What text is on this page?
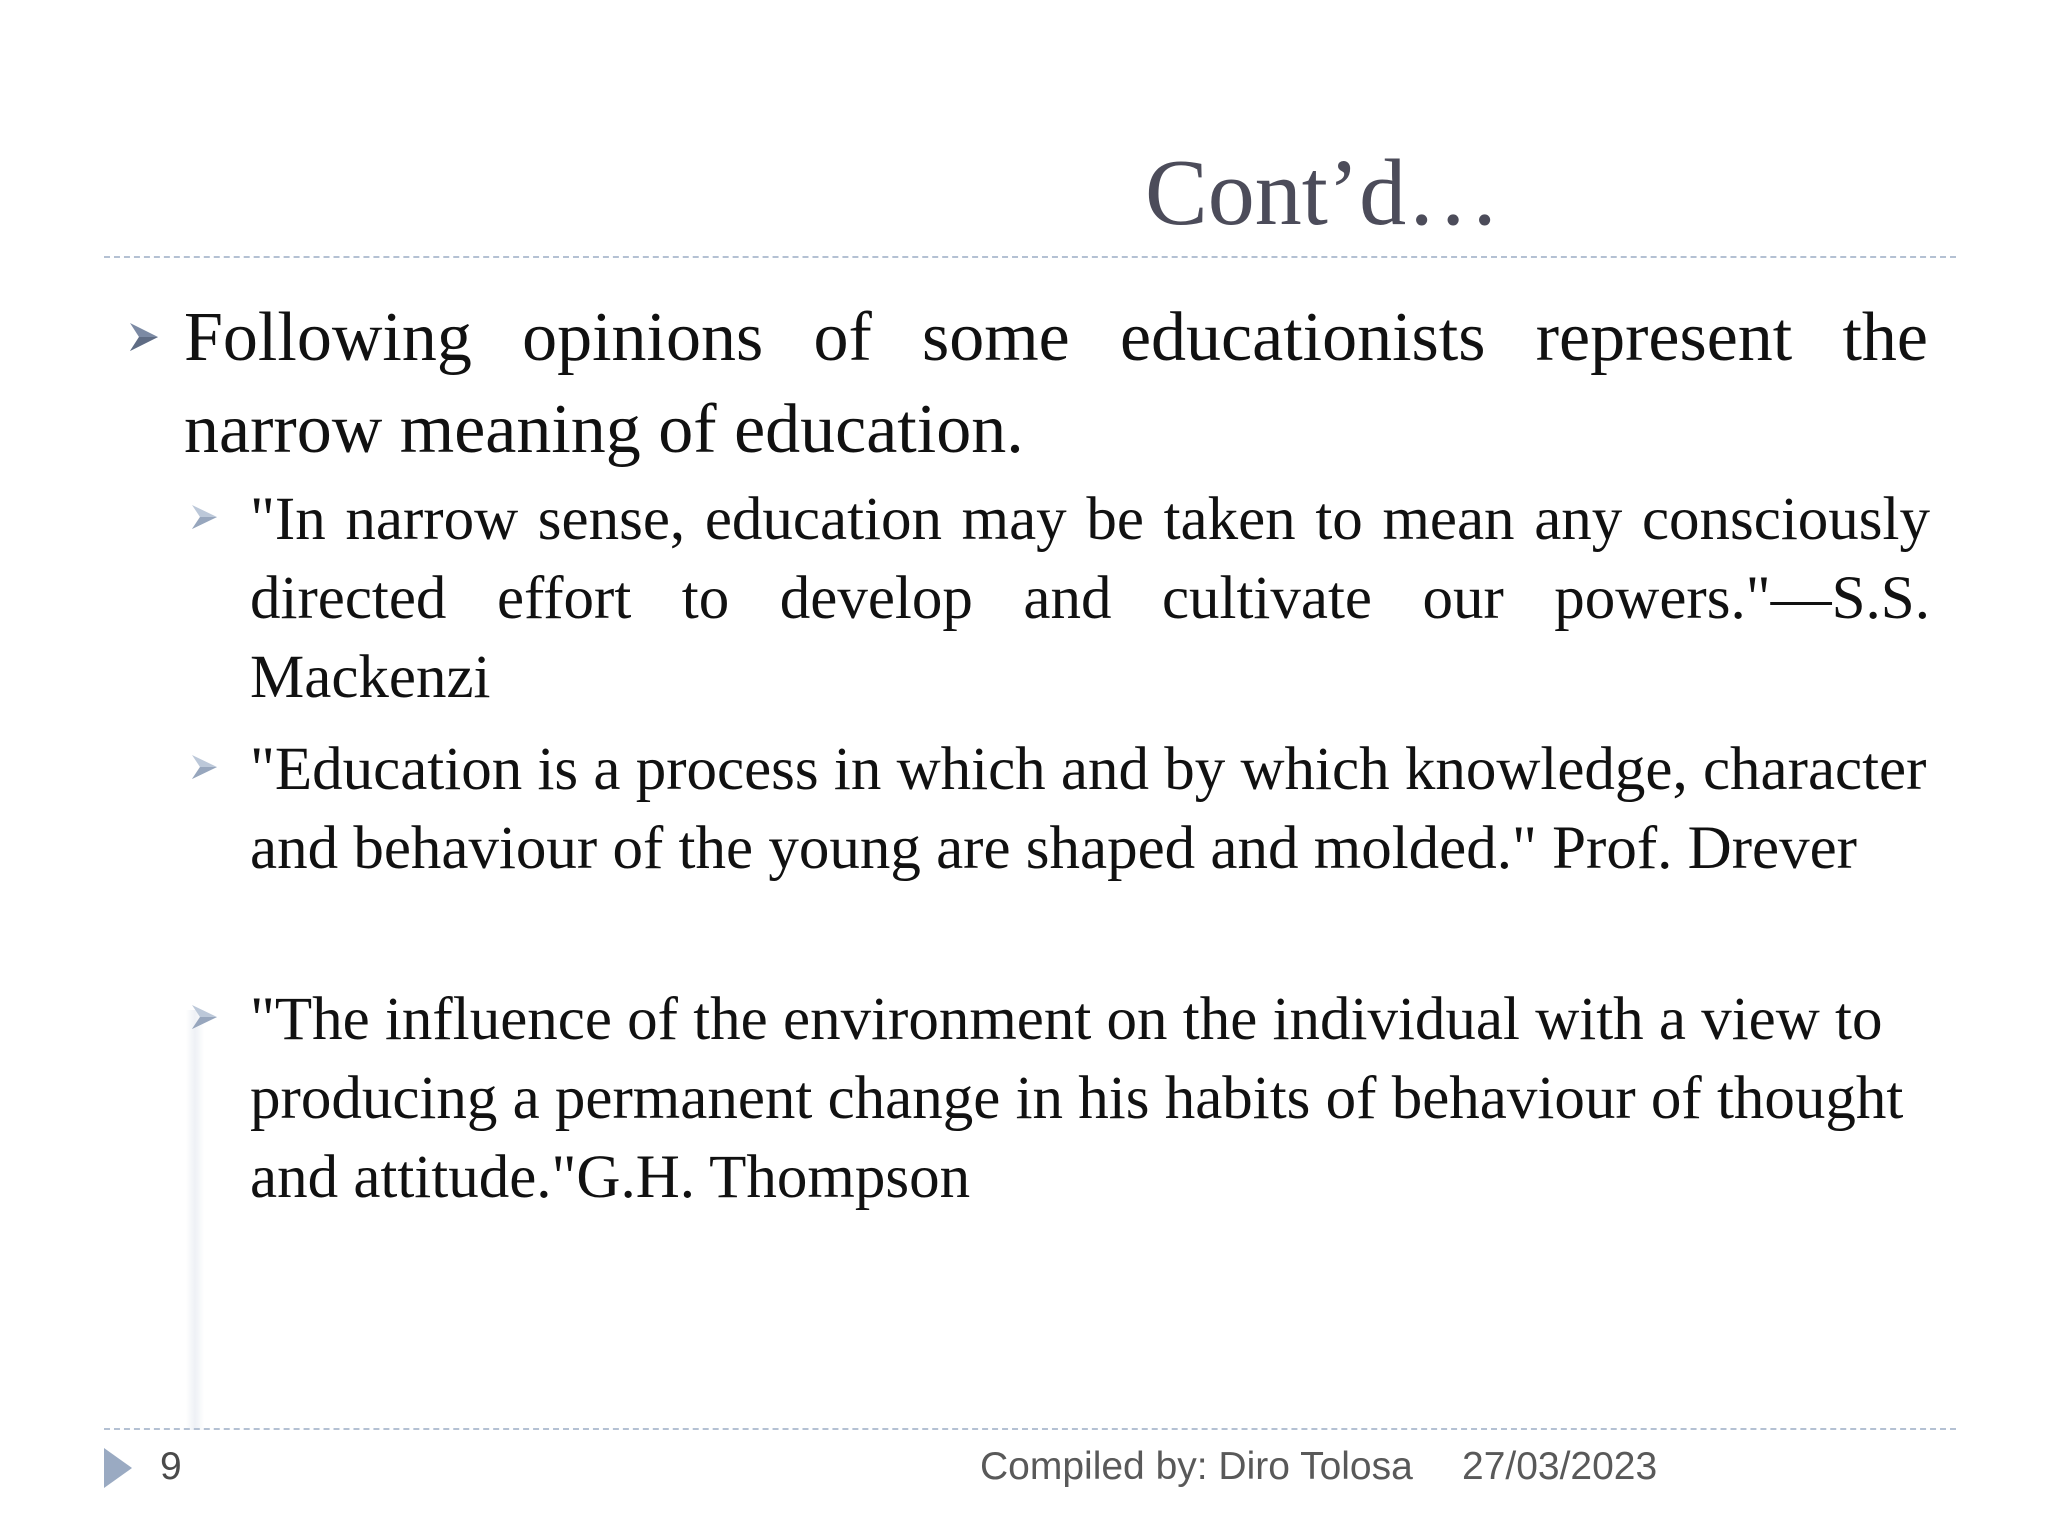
Cont’d…
Following opinions of some educationists represent the narrow meaning of education.
"In narrow sense, education may be taken to mean any consciously directed effort to develop and cultivate our powers."—S.S. Mackenzi
"Education is a process in which and by which knowledge, character and behaviour of the young are shaped and molded." Prof. Drever
"The influence of the environment on the individual with a view to producing a permanent change in his habits of behaviour of thought and attitude."G.H. Thompson
9	Compiled by: Diro Tolosa 27/03/2023
